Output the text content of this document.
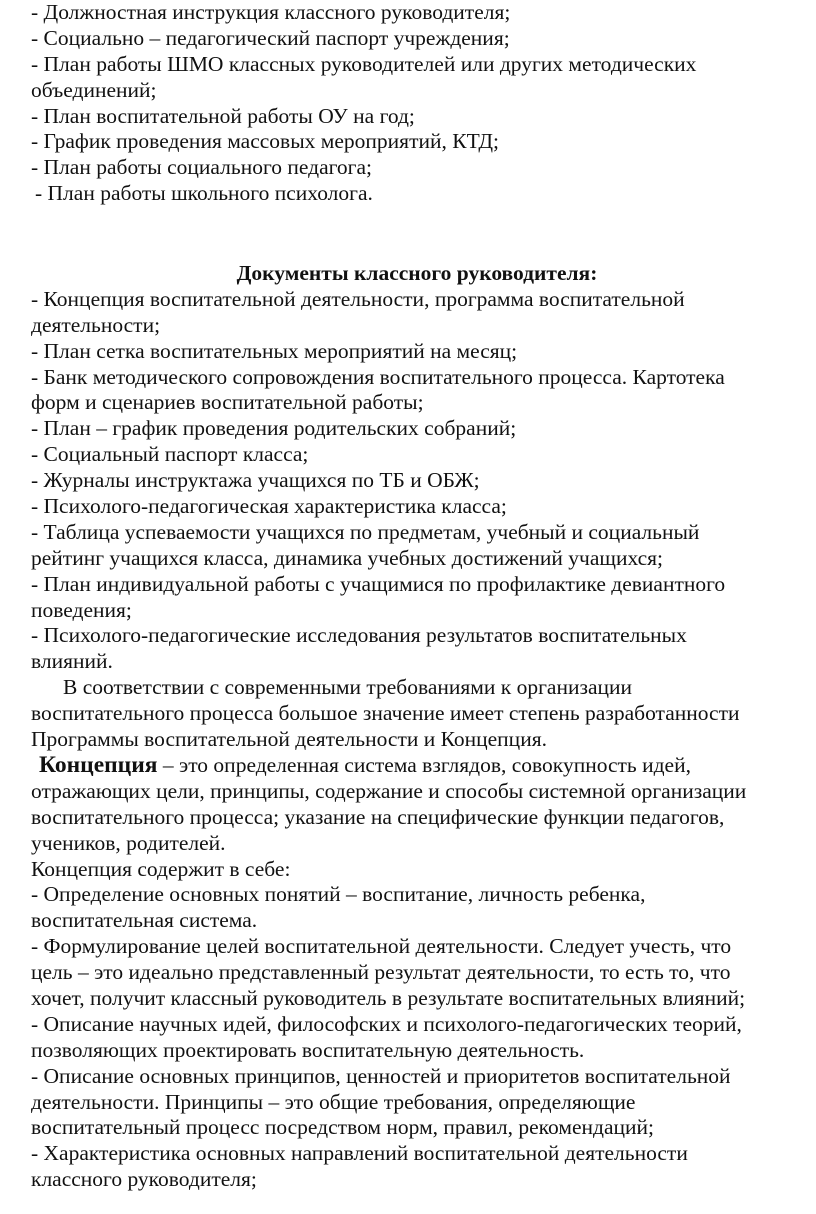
- Должностная инструкция классного руководителя;
- Социально – педагогический паспорт учреждения;
- План работы ШМО классных руководителей или других методических
объединений;
- План воспитательной работы ОУ на год;
- График проведения массовых мероприятий, КТД;
- План работы социального педагога;
- План работы школьного психолога.
Документы классного руководителя:
- Концепция воспитательной деятельности, программа воспитательной
деятельности;
- План сетка воспитательных мероприятий на месяц;
- Банк методического сопровождения воспитательного процесса. Картотека
форм и сценариев воспитательной работы;
- План – график проведения родительских собраний;
- Социальный паспорт класса;
- Журналы инструктажа учащихся по ТБ и ОБЖ;
- Психолого-педагогическая характеристика класса;
- Таблица успеваемости учащихся по предметам, учебный и социальный
рейтинг учащихся класса, динамика учебных достижений учащихся;
- План индивидуальной работы с учащимися по профилактике девиантного
поведения;
- Психолого-педагогические исследования результатов воспитательных
влияний.
В соответствии с современными требованиями к организации
воспитательного процесса большое значение имеет степень разработанности
Программы воспитательной деятельности и Концепция.
Концепция – это определенная система взглядов, совокупность идей,
отражающих цели, принципы, содержание и способы системной организации
воспитательного процесса; указание на специфические функции педагогов,
учеников, родителей.
Концепция содержит в себе:
- Определение основных понятий – воспитание, личность ребенка,
воспитательная система.
- Формулирование целей воспитательной деятельности. Следует учесть, что
цель – это идеально представленный результат деятельности, то есть то, что
хочет, получит классный руководитель в результате воспитательных влияний;
- Описание научных идей, философских и психолого-педагогических теорий,
позволяющих проектировать воспитательную деятельность.
- Описание основных принципов, ценностей и приоритетов воспитательной
деятельности. Принципы – это общие требования, определяющие
воспитательный процесс посредством норм, правил, рекомендаций;
- Характеристика основных направлений воспитательной деятельности
классного руководителя;
